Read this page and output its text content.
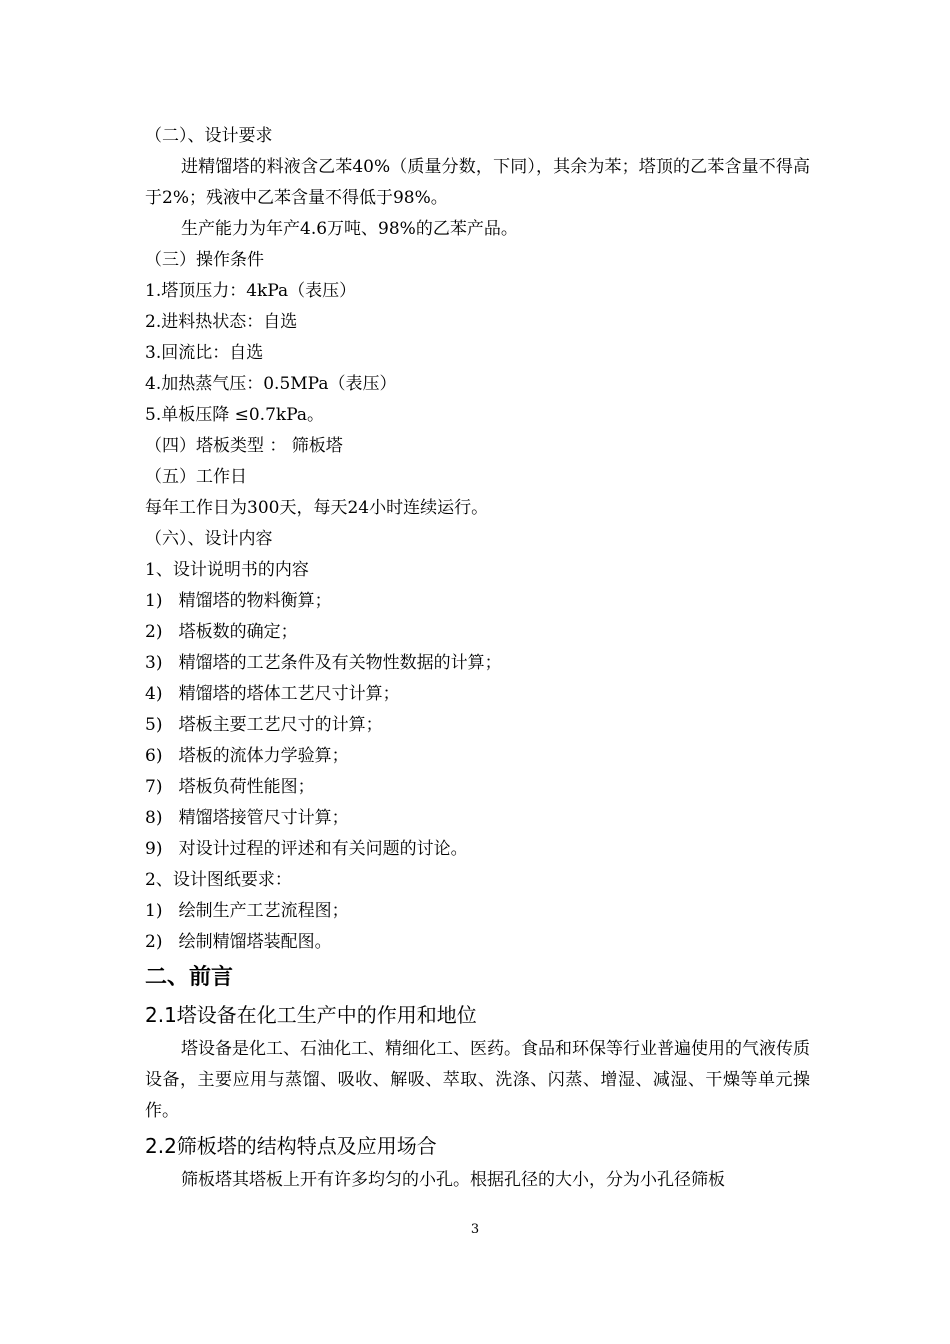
（二）、设计要求
进精馏塔的料液含乙苯40%（质量分数，下同），其余为苯；塔顶的乙苯含量不得高于2%；残液中乙苯含量不得低于98%。
生产能力为年产4.6万吨、98%的乙苯产品。
（三）操作条件
1.塔顶压力：4kPa（表压）
2.进料热状态：自选
3.回流比：自选
4.加热蒸气压：0.5MPa（表压）
5.单板压降 ≤0.7kPa。
（四）塔板类型 ： 筛板塔
（五）工作日
每年工作日为300天，每天24小时连续运行。
（六）、设计内容
1、设计说明书的内容
1)   精馏塔的物料衡算；
2)   塔板数的确定；
3)   精馏塔的工艺条件及有关物性数据的计算；
4)   精馏塔的塔体工艺尺寸计算；
5)   塔板主要工艺尺寸的计算；
6)   塔板的流体力学验算；
7)   塔板负荷性能图；
8)   精馏塔接管尺寸计算；
9)   对设计过程的评述和有关问题的讨论。
2、设计图纸要求：
1)   绘制生产工艺流程图；
2)   绘制精馏塔装配图。
二、前言
2.1塔设备在化工生产中的作用和地位
塔设备是化工、石油化工、精细化工、医药。食品和环保等行业普遍使用的气液传质设备，主要应用与蒸馏、吸收、解吸、萃取、洗涤、闪蒸、增湿、减湿、干燥等单元操作。
2.2筛板塔的结构特点及应用场合
筛板塔其塔板上开有许多均匀的小孔。根据孔径的大小，分为小孔径筛板
3
